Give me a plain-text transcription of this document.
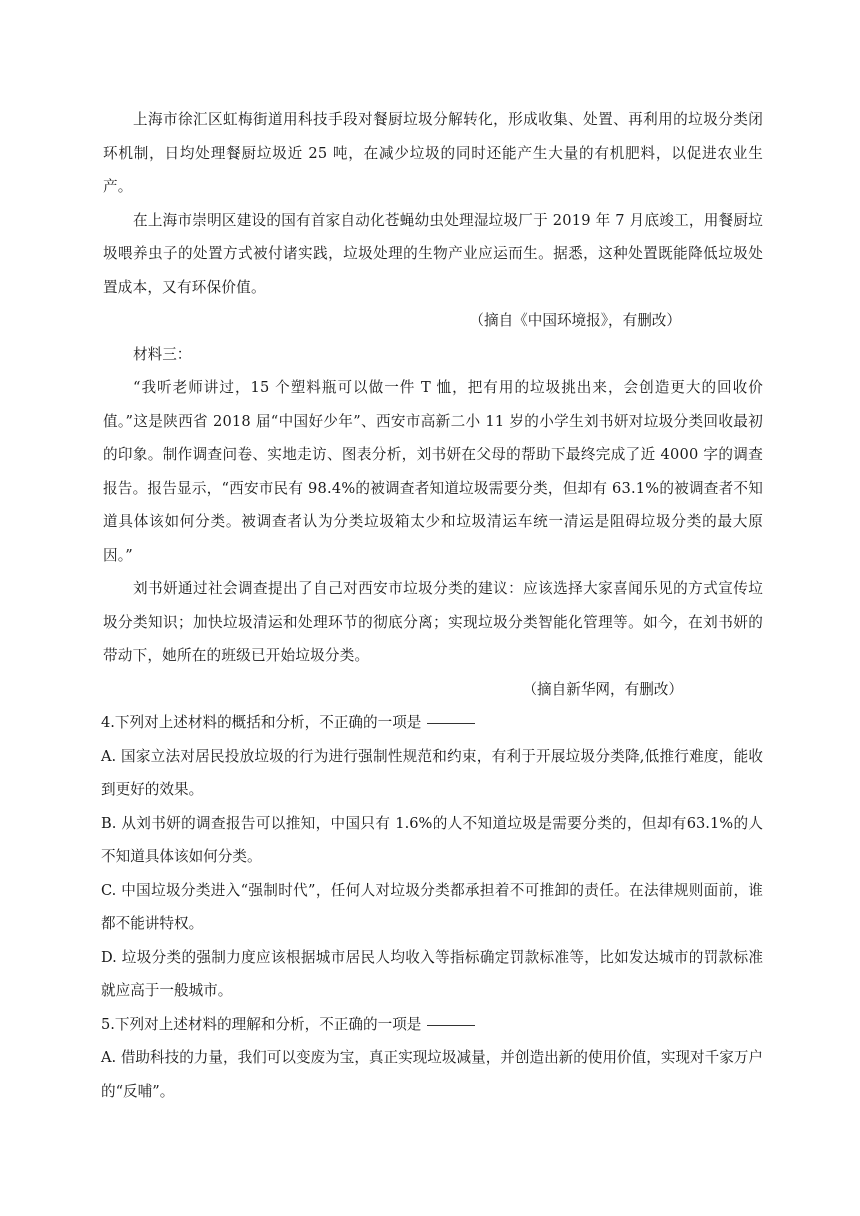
上海市徐汇区虹梅街道用科技手段对餐厨垃圾分解转化，形成收集、处置、再利用的垃圾分类闭环机制，日均处理餐厨垃圾近 25 吨，在减少垃圾的同时还能产生大量的有机肥料，以促进农业生产。

在上海市崇明区建设的国有首家自动化苍蝇幼虫处理湿垃圾厂于 2019 年 7 月底竣工，用餐厨垃圾喂养虫子的处置方式被付诸实践，垃圾处理的生物产业应运而生。据悉，这种处置既能降低垃圾处置成本，又有环保价值。

（摘自《中国环境报》，有删改）

材料三：

“我听老师讲过，15 个塑料瓶可以做一件 T 恤，把有用的垃圾挑出来，会创造更大的回收价值。”这是陕西省 2018 届“中国好少年”、西安市高新二小 11 岁的小学生刘书妍对垃圾分类回收最初的印象。制作调查问卷、实地走访、图表分析，刘书妍在父母的帮助下最终完成了近 4000 字的调查报告。报告显示，“西安市民有 98.4%的被调查者知道垃圾需要分类，但却有 63.1%的被调查者不知道具体该如何分类。被调查者认为分类垃圾箱太少和垃圾清运车统一清运是阻碍垃圾分类的最大原因。”

刘书妍通过社会调查提出了自己对西安市垃圾分类的建议：应该选择大家喜闻乐见的方式宣传垃圾分类知识；加快垃圾清运和处理环节的彻底分离；实现垃圾分类智能化管理等。如今，在刘书妍的带动下，她所在的班级已开始垃圾分类。

（摘自新华网，有删改）

4.下列对上述材料的概括和分析，不正确的一项是

A. 国家立法对居民投放垃圾的行为进行强制性规范和约束，有利于开展垃圾分类降,低推行难度，能收到更好的效果。

B. 从刘书妍的调查报告可以推知，中国只有 1.6%的人不知道垃圾是需要分类的，但却有63.1%的人不知道具体该如何分类。

C. 中国垃圾分类进入“强制时代”，任何人对垃圾分类都承担着不可推卸的责任。在法律规则面前，谁都不能讲特权。

D. 垃圾分类的强制力度应该根据城市居民人均收入等指标确定罚款标准等，比如发达城市的罚款标准就应高于一般城市。

5.下列对上述材料的理解和分析，不正确的一项是

A. 借助科技的力量，我们可以变废为宝，真正实现垃圾减量，并创造出新的使用价值，实现对千家万户的“反哺”。
